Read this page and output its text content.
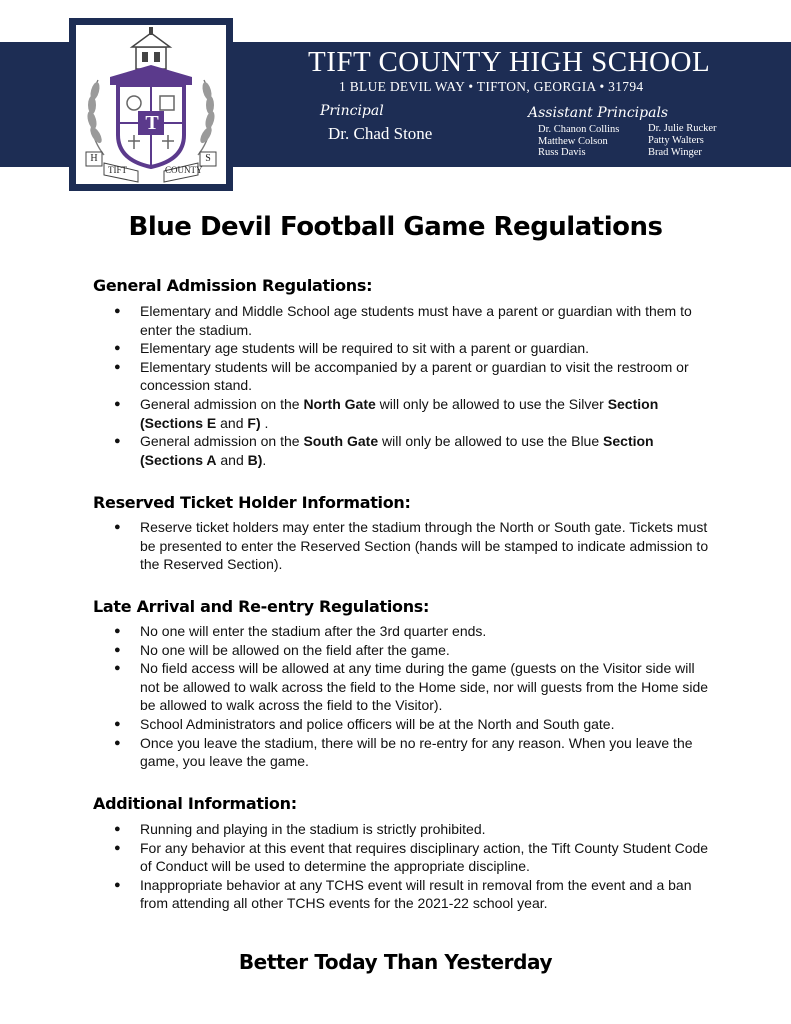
T
H	S
TIFT	COUNTY
TIFT COUNTY HIGH SCHOOL
1 BLUE DEVIL WAY • TIFTON, GEORGIA • 31794
Principal
Dr. Chad Stone
Assistant Principals
Dr. Chanon Collins
Matthew Colson
Russ Davis
Dr. Julie Rucker
Patty Walters
Brad Winger
Blue Devil Football Game Regulations
General Admission Regulations:
● Elementary and Middle School age students must have a parent or guardian with them to enter the stadium.
● Elementary age students will be required to sit with a parent or guardian.
● Elementary students will be accompanied by a parent or guardian to visit the restroom or concession stand.
● General admission on the North Gate will only be allowed to use the Silver Section (Sections E and F) .
● General admission on the South Gate will only be allowed to use the Blue Section (Sections A and B).
Reserved Ticket Holder Information:
● Reserve ticket holders may enter the stadium through the North or South gate. Tickets must be presented to enter the Reserved Section (hands will be stamped to indicate admission to the Reserved Section).
Late Arrival and Re-entry Regulations:
● No one will enter the stadium after the 3rd quarter ends.
● No one will be allowed on the field after the game.
● No field access will be allowed at any time during the game (guests on the Visitor side will not be allowed to walk across the field to the Home side, nor will guests from the Home side be allowed to walk across the field to the Visitor).
● School Administrators and police officers will be at the North and South gate.
● Once you leave the stadium, there will be no re-entry for any reason. When you leave the game, you leave the game.
Additional Information:
● Running and playing in the stadium is strictly prohibited.
● For any behavior at this event that requires disciplinary action, the Tift County Student Code of Conduct will be used to determine the appropriate discipline.
● Inappropriate behavior at any TCHS event will result in removal from the event and a ban from attending all other TCHS events for the 2021-22 school year.
Better Today Than Yesterday
